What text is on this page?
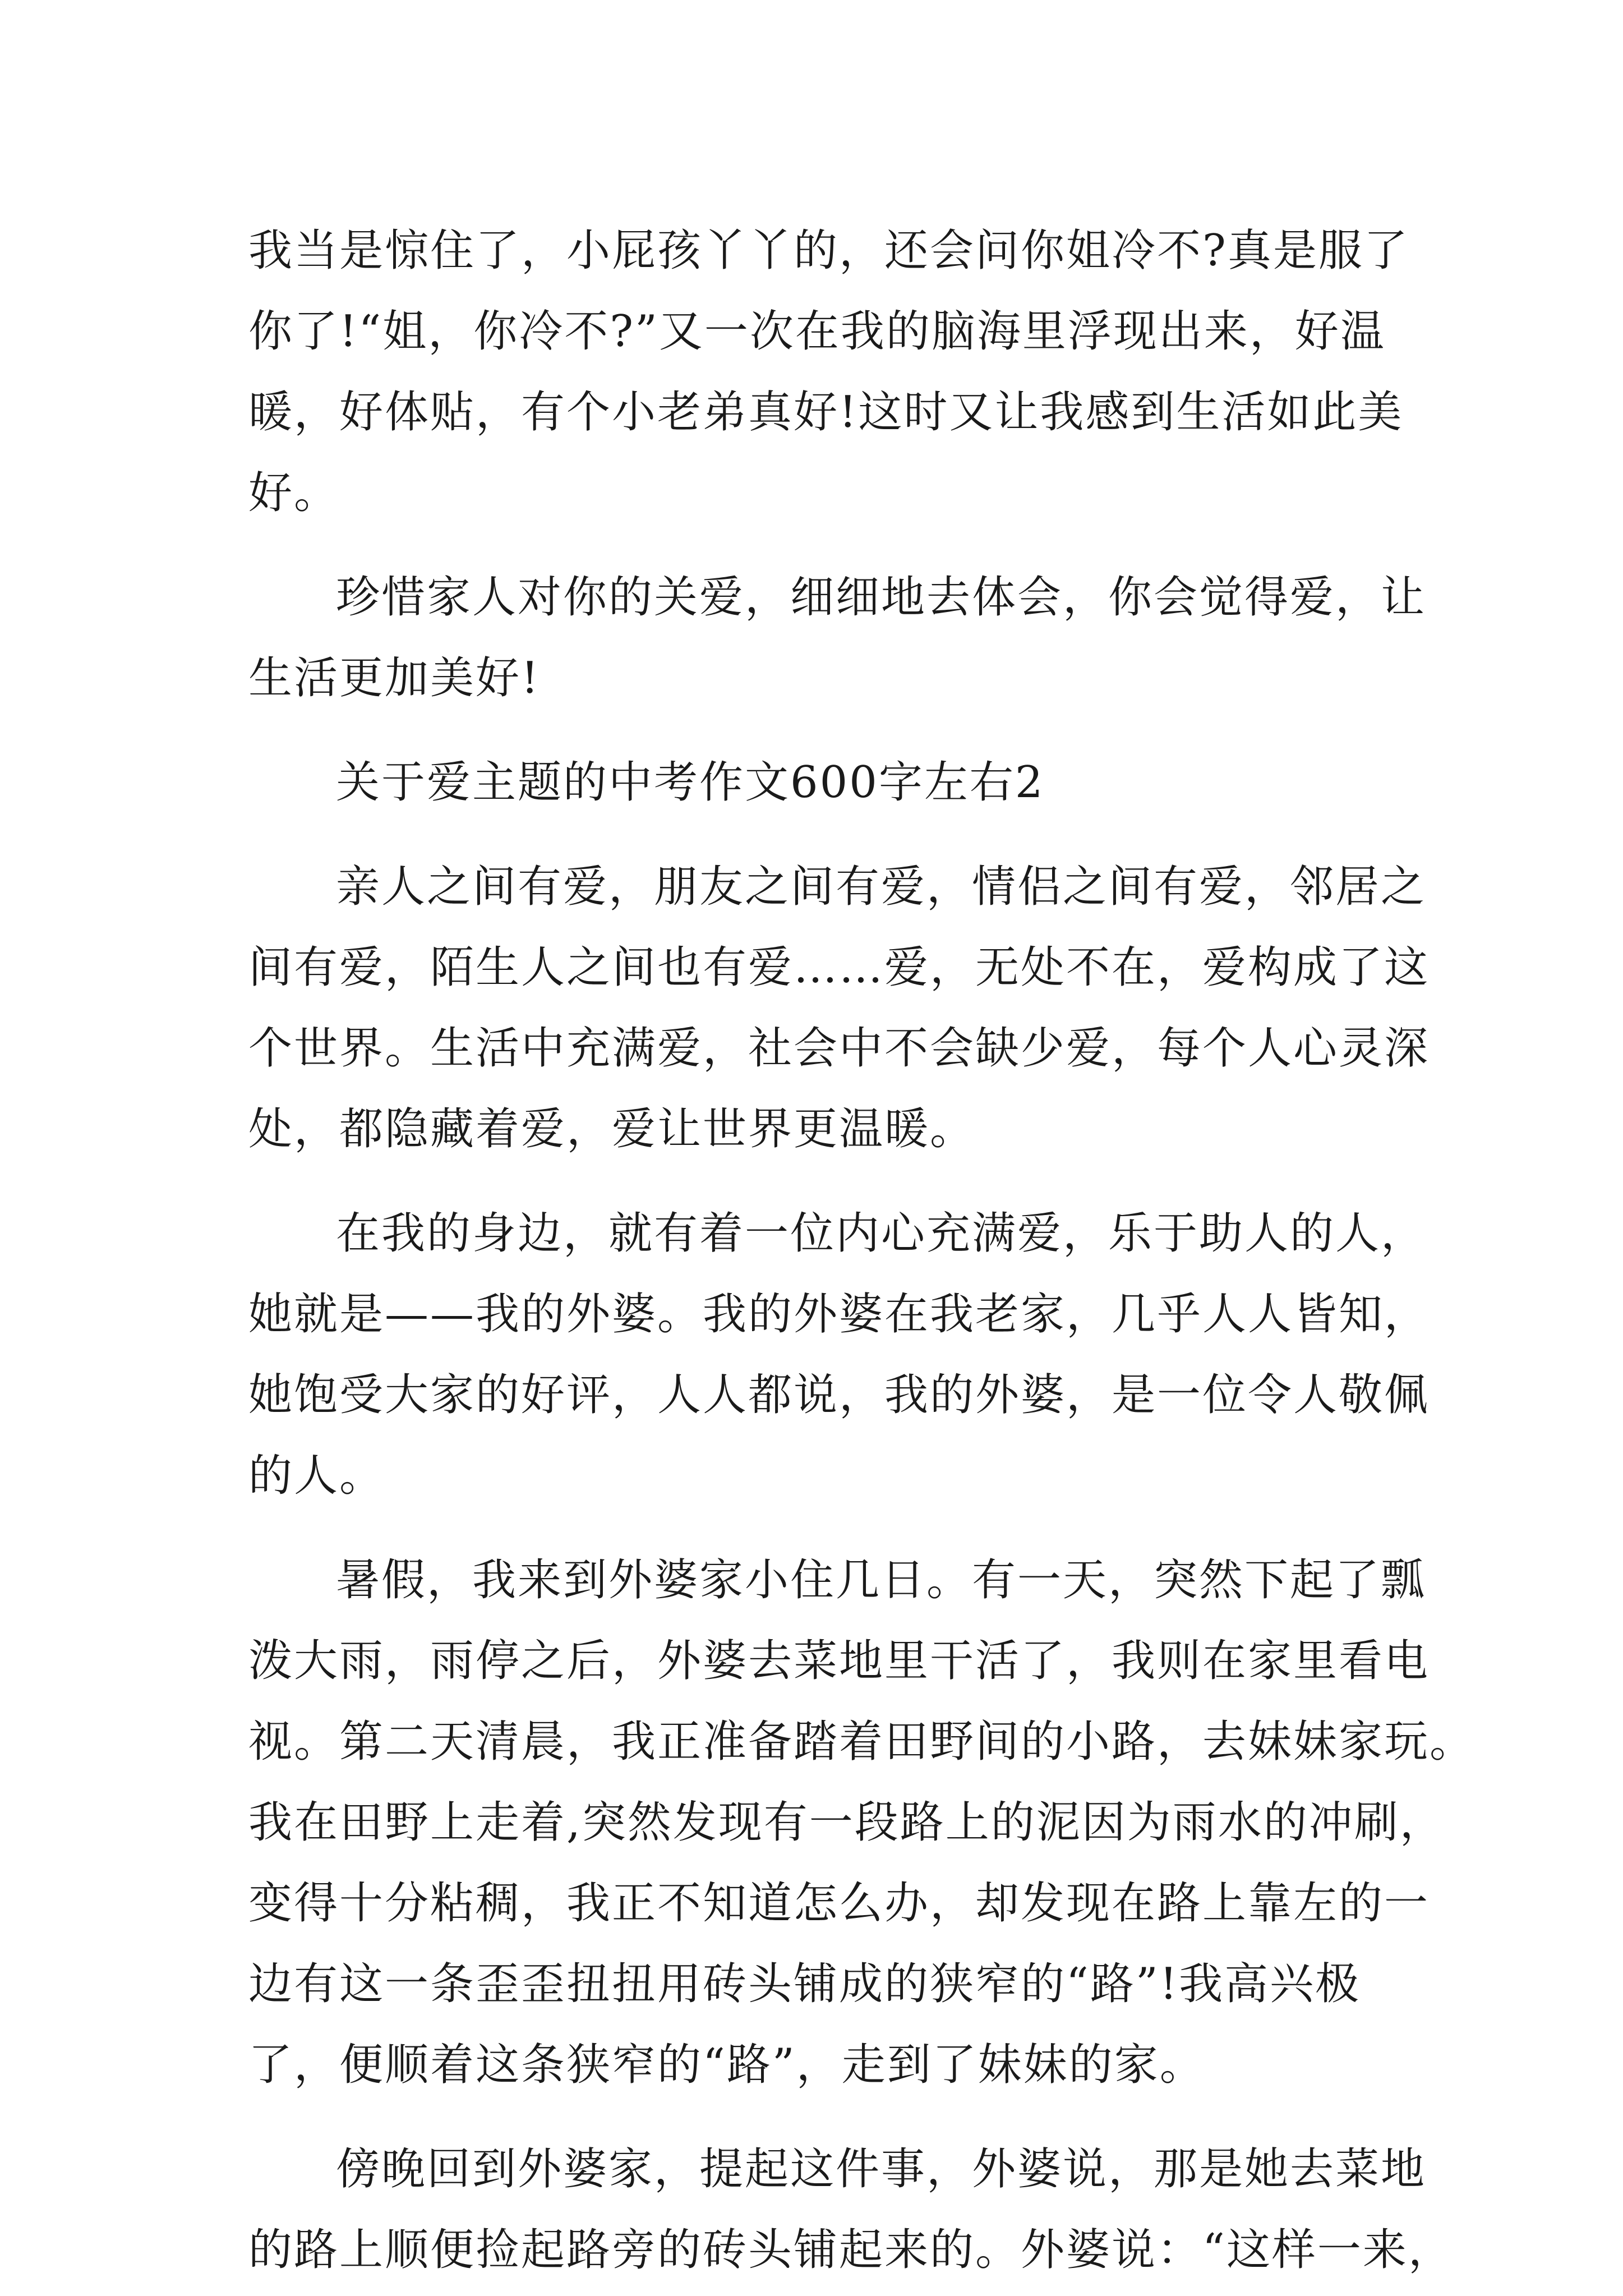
我当是惊住了，小屁孩丫丫的，还会问你姐冷不?真是服了
你了!“姐，你冷不?”又一次在我的脑海里浮现出来，好温
暖，好体贴，有个小老弟真好!这时又让我感到生活如此美
好。
珍惜家人对你的关爱，细细地去体会，你会觉得爱，让
生活更加美好!
关于爱主题的中考作文600字左右2
亲人之间有爱，朋友之间有爱，情侣之间有爱，邻居之
间有爱，陌生人之间也有爱……爱，无处不在，爱构成了这
个世界。生活中充满爱，社会中不会缺少爱，每个人心灵深
处，都隐藏着爱，爱让世界更温暖。
在我的身边，就有着一位内心充满爱，乐于助人的人，
她就是——我的外婆。我的外婆在我老家，几乎人人皆知，
她饱受大家的好评，人人都说，我的外婆，是一位令人敬佩
的人。
暑假，我来到外婆家小住几日。有一天，突然下起了瓢
泼大雨，雨停之后，外婆去菜地里干活了，我则在家里看电
视。第二天清晨，我正准备踏着田野间的小路，去妹妹家玩。
我在田野上走着,突然发现有一段路上的泥因为雨水的冲刷，
变得十分粘稠，我正不知道怎么办，却发现在路上靠左的一
边有这一条歪歪扭扭用砖头铺成的狭窄的“路”!我高兴极
了，便顺着这条狭窄的“路”，走到了妹妹的家。
傍晚回到外婆家，提起这件事，外婆说，那是她去菜地
的路上顺便捡起路旁的砖头铺起来的。外婆说：“这样一来，
